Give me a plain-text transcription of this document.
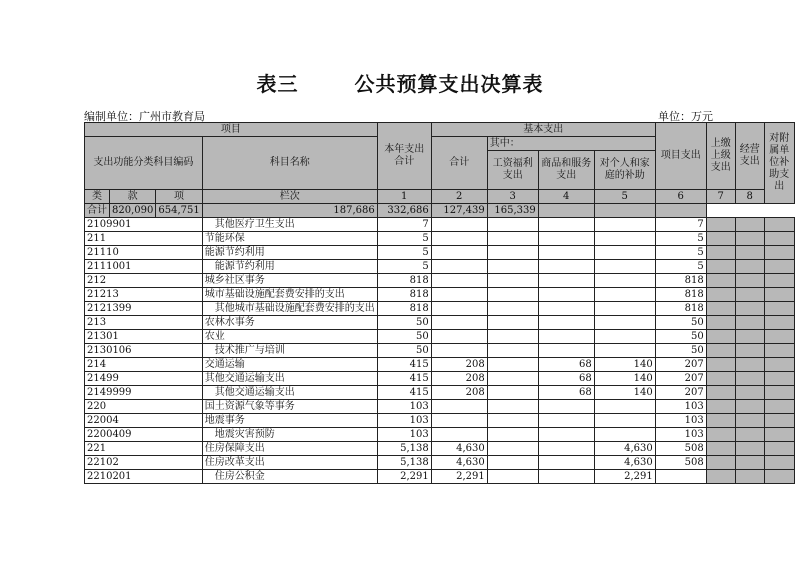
表三	公共预算支出决算表
编制单位：广州市教育局	单位：万元
项目				本年支出合计	基本支出				项目支出	上缴上级支出	经营支出	对附属单位补助支出
支出功能分类科目编码			科目名称		合计	其中：						
						工资福利支出	商品和服务支出	对个人和家庭的补助				
类	款	项	栏次	1	2	3	4	5	6	7	8	
合计	820,090	654,751	187,686	332,686	127,439	165,339						
2109901			其他医疗卫生支出	7					7			
211			节能环保	5					5			
21110			能源节约利用	5					5			
2111001			能源节约利用	5					5			
212			城乡社区事务	818					818			
21213			城市基础设施配套费安排的支出	818					818			
2121399			其他城市基础设施配套费安排的支出	818					818			
213			农林水事务	50					50			
21301			农业	50					50			
2130106			技术推广与培训	50					50			
214			交通运输	415	208		68	140	207			
21499			其他交通运输支出	415	208		68	140	207			
2149999			其他交通运输支出	415	208		68	140	207			
220			国土资源气象等事务	103					103			
22004			地震事务	103					103			
2200409			地震灾害预防	103					103			
221			住房保障支出	5,138	4,630			4,630	508			
22102			住房改革支出	5,138	4,630			4,630	508			
2210201			住房公积金	2,291	2,291			2,291				
